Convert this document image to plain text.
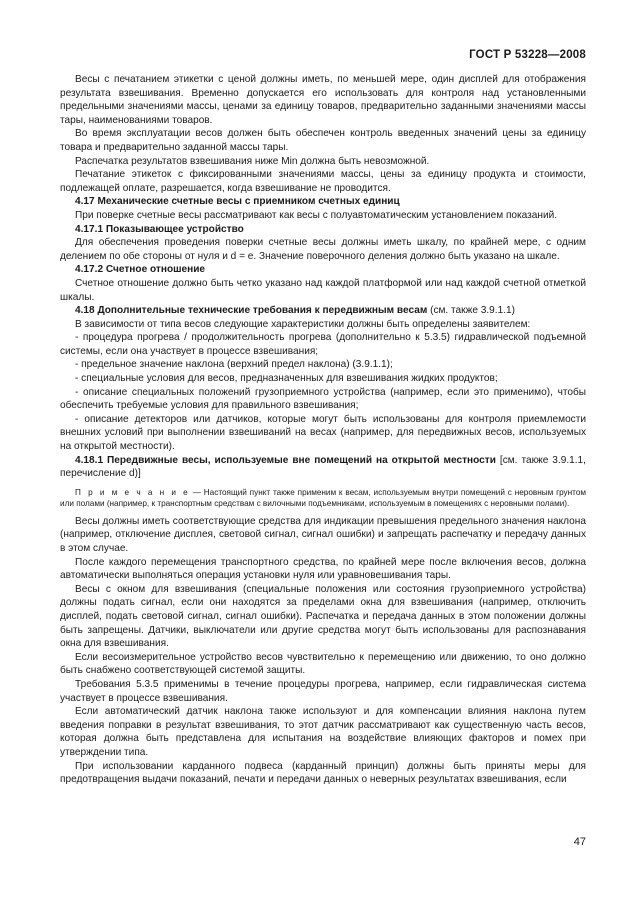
ГОСТ Р 53228—2008

Весы с печатанием этикетки с ценой должны иметь, по меньшей мере, один дисплей для отображения результата взвешивания. Временно допускается его использовать для контроля над установленными предельными значениями массы, ценами за единицу товаров, предварительно заданными значениями массы тары, наименованиями товаров.

Во время эксплуатации весов должен быть обеспечен контроль введенных значений цены за единицу товара и предварительно заданной массы тары.

Распечатка результатов взвешивания ниже Min должна быть невозможной.

Печатание этикеток с фиксированными значениями массы, цены за единицу продукта и стоимости, подлежащей оплате, разрешается, когда взвешивание не проводится.

4.17 Механические счетные весы с приемником счетных единиц

При поверке счетные весы рассматривают как весы с полуавтоматическим установлением показаний.

4.17.1 Показывающее устройство

Для обеспечения проведения поверки счетные весы должны иметь шкалу, по крайней мере, с одним делением по обе стороны от нуля и d = e. Значение поверочного деления должно быть указано на шкале.

4.17.2 Счетное отношение

Счетное отношение должно быть четко указано над каждой платформой или над каждой счетной отметкой шкалы.

4.18 Дополнительные технические требования к передвижным весам (см. также 3.9.1.1)

В зависимости от типа весов следующие характеристики должны быть определены заявителем:

- процедура прогрева / продолжительность прогрева (дополнительно к 5.3.5) гидравлической подъемной системы, если она участвует в процессе взвешивания;

- предельное значение наклона (верхний предел наклона) (3.9.1.1);

- специальные условия для весов, предназначенных для взвешивания жидких продуктов;

- описание специальных положений грузоприемного устройства (например, если это применимо), чтобы обеспечить требуемые условия для правильного взвешивания;

- описание детекторов или датчиков, которые могут быть использованы для контроля приемлемости внешних условий при выполнении взвешиваний на весах (например, для передвижных весов, используемых на открытой местности).

4.18.1 Передвижные весы, используемые вне помещений на открытой местности [см. также 3.9.1.1, перечисление d)]

П р и м е ч а н и е — Настоящий пункт также применим к весам, используемым внутри помещений с неровным грунтом или полами (например, к транспортным средствам с вилочными подъемниками, используемым в помещениях с неровными полами).

Весы должны иметь соответствующие средства для индикации превышения предельного значения наклона (например, отключение дисплея, световой сигнал, сигнал ошибки) и запрещать распечатку и передачу данных в этом случае.

После каждого перемещения транспортного средства, по крайней мере после включения весов, должна автоматически выполняться операция установки нуля или уравновешивания тары.

Весы с окном для взвешивания (специальные положения или состояния грузоприемного устройства) должны подать сигнал, если они находятся за пределами окна для взвешивания (например, отключить дисплей, подать световой сигнал, сигнал ошибки). Распечатка и передача данных в этом положении должны быть запрещены. Датчики, выключатели или другие средства могут быть использованы для распознавания окна для взвешивания.

Если весоизмерительное устройство весов чувствительно к перемещению или движению, то оно должно быть снабжено соответствующей системой защиты.

Требования 5.3.5 применимы в течение процедуры прогрева, например, если гидравлическая система участвует в процессе взвешивания.

Если автоматический датчик наклона также используют и для компенсации влияния наклона путем введения поправки в результат взвешивания, то этот датчик рассматривают как существенную часть весов, которая должна быть представлена для испытания на воздействие влияющих факторов и помех при утверждении типа.

При использовании карданного подвеса (карданный принцип) должны быть приняты меры для предотвращения выдачи показаний, печати и передачи данных о неверных результатах взвешивания, если

47
